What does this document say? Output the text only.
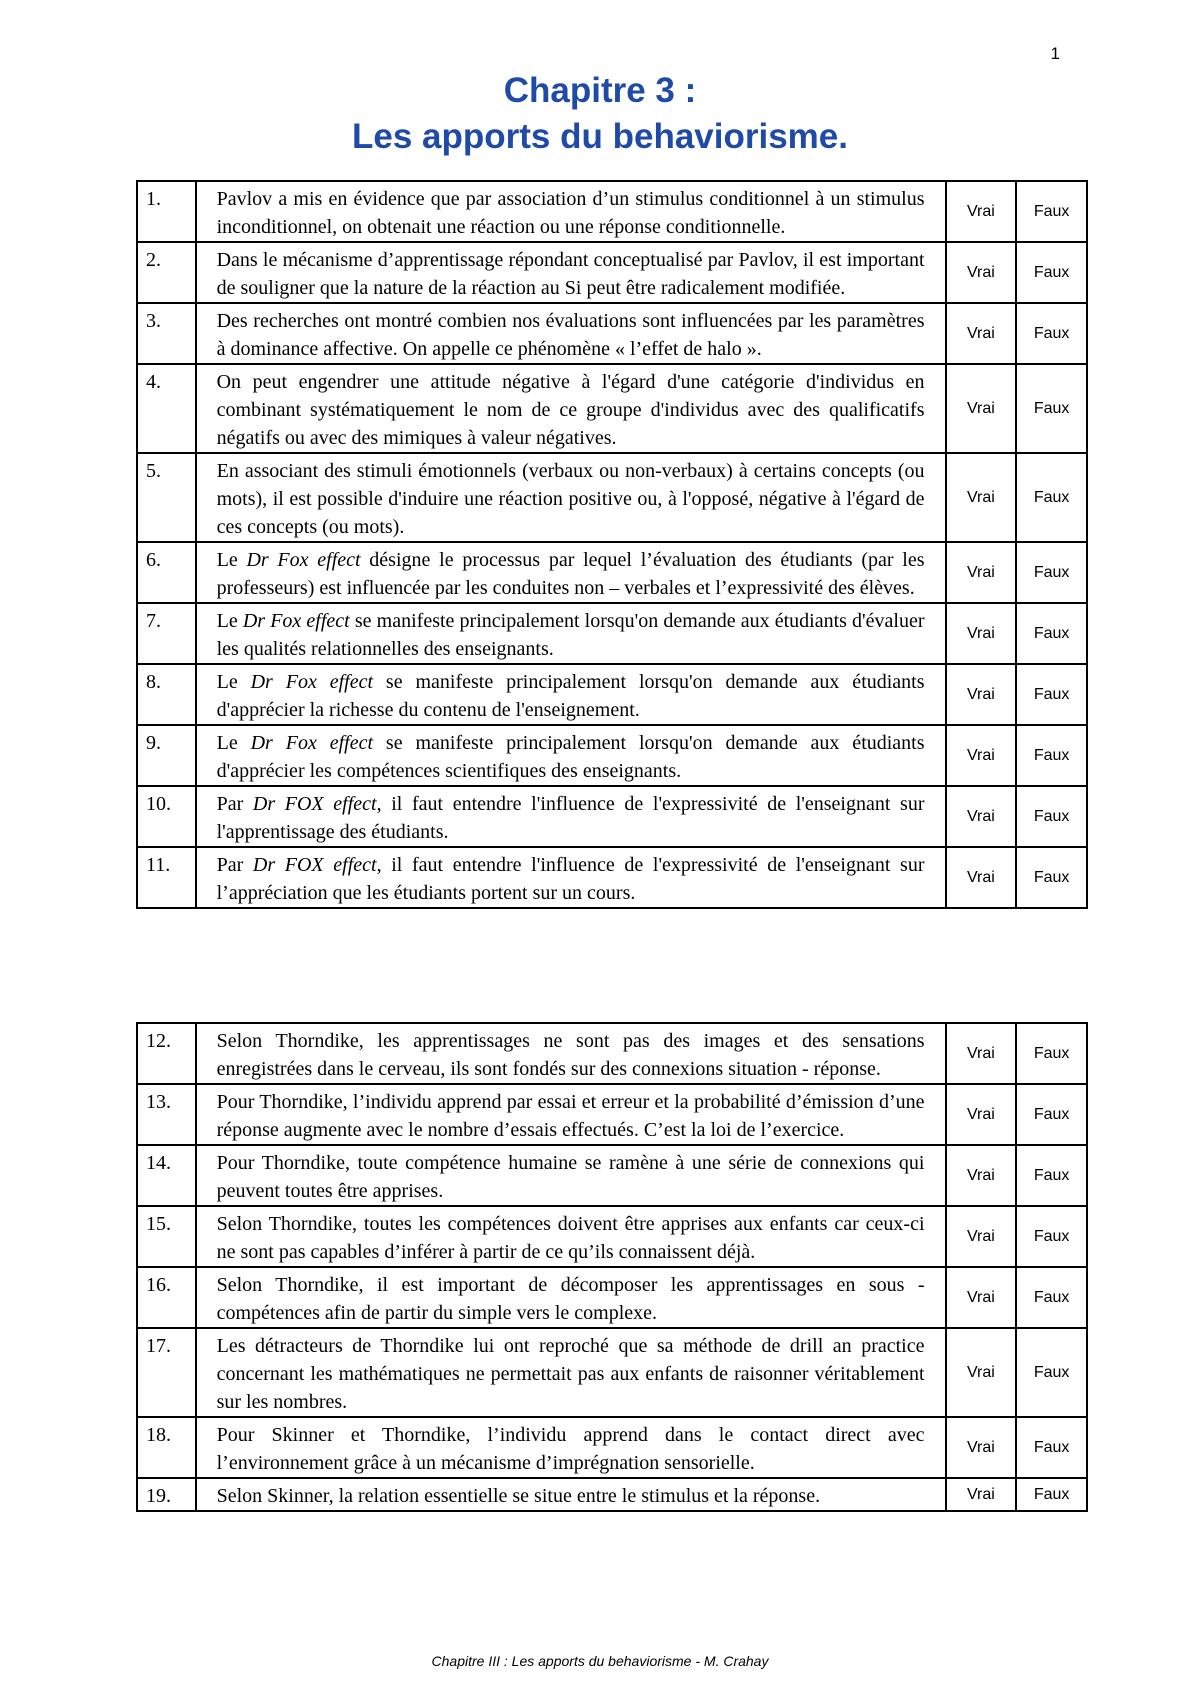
1
Chapitre 3 :
Les apports du behaviorisme.
1.	Pavlov a mis en évidence que par association d’un stimulus conditionnel à un stimulus inconditionnel, on obtenait une réaction ou une réponse conditionnelle.	Vrai	Faux
2.	Dans le mécanisme d’apprentissage répondant conceptualisé par Pavlov, il est important de souligner que la nature de la réaction au Si peut être radicalement modifiée.	Vrai	Faux
3.	Des recherches ont montré combien nos évaluations sont influencées par les paramètres à dominance affective. On appelle ce phénomène « l’effet de halo ».	Vrai	Faux
4.	On peut engendrer une attitude négative à l'égard d'une catégorie d'individus en combinant systématiquement le nom de ce groupe d'individus avec des qualificatifs négatifs ou avec des mimiques à valeur négatives.	Vrai	Faux
5.	En associant des stimuli émotionnels (verbaux ou non-verbaux) à certains concepts (ou mots), il est possible d'induire une réaction positive ou, à l'opposé, négative à l'égard de ces concepts (ou mots).	Vrai	Faux
6.	Le Dr Fox effect désigne le processus par lequel l’évaluation des étudiants (par les professeurs) est influencée par les conduites non – verbales et l’expressivité des élèves.	Vrai	Faux
7.	Le Dr Fox effect se manifeste principalement lorsqu'on demande aux étudiants d'évaluer les qualités relationnelles des enseignants.	Vrai	Faux
8.	Le Dr Fox effect se manifeste principalement lorsqu'on demande aux étudiants d'apprécier la richesse du contenu de l'enseignement.	Vrai	Faux
9.	Le Dr Fox effect se manifeste principalement lorsqu'on demande aux étudiants d'apprécier les compétences scientifiques des enseignants.	Vrai	Faux
10.	Par Dr FOX effect, il faut entendre l'influence de l'expressivité de l'enseignant sur l'apprentissage des étudiants.	Vrai	Faux
11.	Par Dr FOX effect, il faut entendre l'influence de l'expressivité de l'enseignant sur l’appréciation que les étudiants portent sur un cours.	Vrai	Faux
12.	Selon Thorndike, les apprentissages ne sont pas des images et des sensations enregistrées dans le cerveau, ils sont fondés sur des connexions situation - réponse.	Vrai	Faux
13.	Pour Thorndike, l’individu apprend par essai et erreur et la probabilité d’émission d’une réponse augmente avec le nombre d’essais effectués. C’est la loi de l’exercice.	Vrai	Faux
14.	Pour Thorndike, toute compétence humaine se ramène à une série de connexions qui peuvent toutes être apprises.	Vrai	Faux
15.	Selon Thorndike, toutes les compétences doivent être apprises aux enfants car ceux-ci ne sont pas capables d’inférer à partir de ce qu’ils connaissent déjà.	Vrai	Faux
16.	Selon Thorndike, il est important de décomposer les apprentissages en sous - compétences afin de partir du simple vers le complexe.	Vrai	Faux
17.	Les détracteurs de Thorndike lui ont reproché que sa méthode de drill an practice concernant les mathématiques ne permettait pas aux enfants de raisonner véritablement sur les nombres.	Vrai	Faux
18.	Pour Skinner et Thorndike, l’individu apprend dans le contact direct avec l’environnement grâce à un mécanisme d’imprégnation sensorielle.	Vrai	Faux
19.	Selon Skinner, la relation essentielle se situe entre le stimulus et la réponse.	Vrai	Faux
Chapitre III : Les apports du behaviorisme - M. Crahay
